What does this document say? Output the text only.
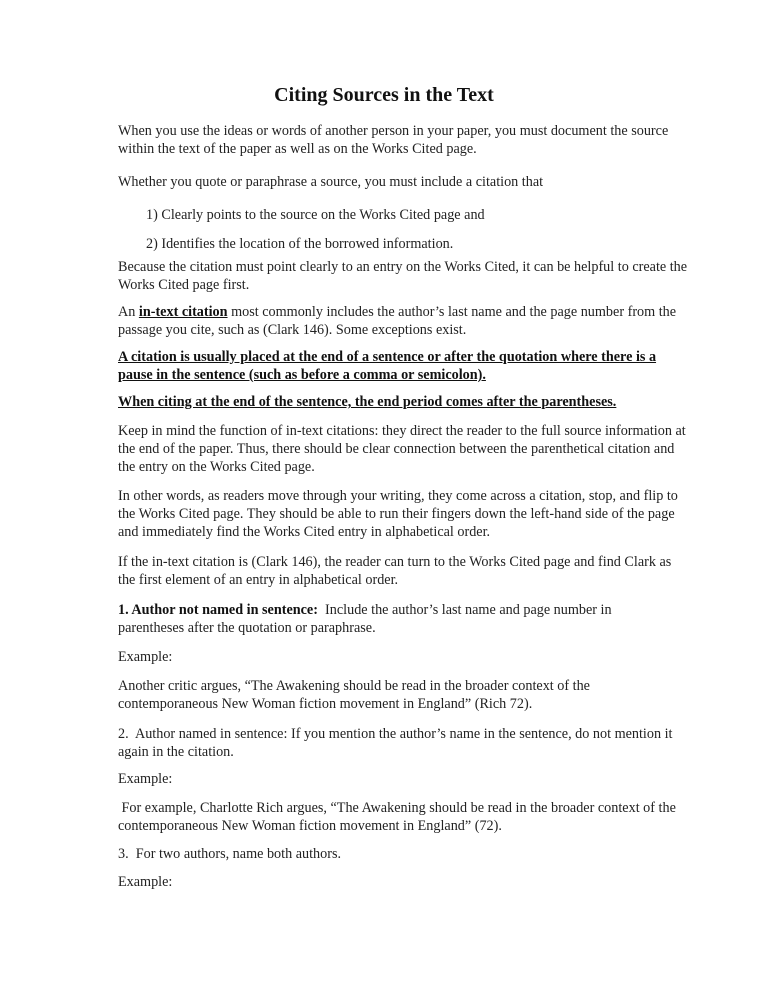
Citing Sources in the Text
When you use the ideas or words of another person in your paper, you must document the source
within the text of the paper as well as on the Works Cited page.
Whether you quote or paraphrase a source, you must include a citation that
1) Clearly points to the source on the Works Cited page and
2) Identifies the location of the borrowed information.
Because the citation must point clearly to an entry on the Works Cited, it can be helpful to create the
Works Cited page first.
An in-text citation most commonly includes the author’s last name and the page number from the
passage you cite, such as (Clark 146). Some exceptions exist.
A citation is usually placed at the end of a sentence or after the quotation where there is a
pause in the sentence (such as before a comma or semicolon).
When citing at the end of the sentence, the end period comes after the parentheses.
Keep in mind the function of in-text citations: they direct the reader to the full source information at
the end of the paper. Thus, there should be clear connection between the parenthetical citation and
the entry on the Works Cited page.
In other words, as readers move through your writing, they come across a citation, stop, and flip to
the Works Cited page. They should be able to run their fingers down the left-hand side of the page
and immediately find the Works Cited entry in alphabetical order.
If the in-text citation is (Clark 146), the reader can turn to the Works Cited page and find Clark as
the first element of an entry in alphabetical order.
1. Author not named in sentence:  Include the author’s last name and page number in
parentheses after the quotation or paraphrase.
Example:
Another critic argues, “The Awakening should be read in the broader context of the
contemporaneous New Woman fiction movement in England” (Rich 72).
2.  Author named in sentence: If you mention the author’s name in the sentence, do not mention it
again in the citation.
Example:
For example, Charlotte Rich argues, “The Awakening should be read in the broader context of the
contemporaneous New Woman fiction movement in England” (72).
3.  For two authors, name both authors.
Example:
